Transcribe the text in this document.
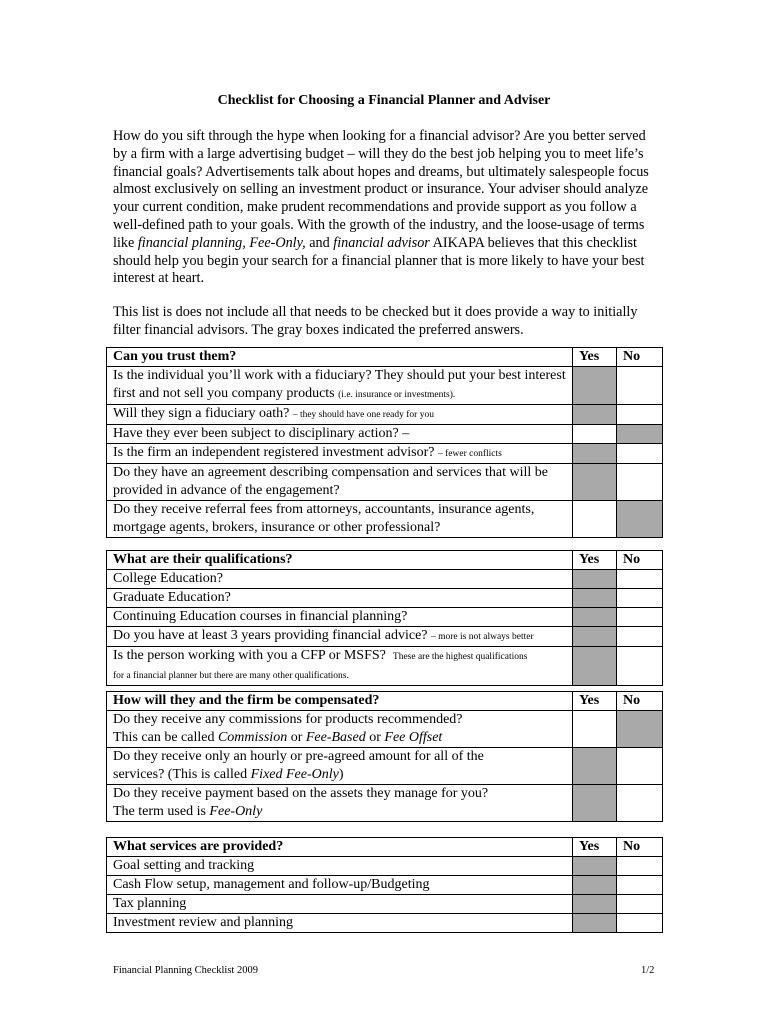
Checklist for Choosing a Financial Planner and Adviser

How do you sift through the hype when looking for a financial advisor? Are you better served by a firm with a large advertising budget – will they do the best job helping you to meet life’s financial goals? Advertisements talk about hopes and dreams, but ultimately salespeople focus almost exclusively on selling an investment product or insurance. Your adviser should analyze your current condition, make prudent recommendations and provide support as you follow a well-defined path to your goals. With the growth of the industry, and the loose-usage of terms like financial planning, Fee-Only, and financial advisor AIKAPA believes that this checklist should help you begin your search for a financial planner that is more likely to have your best interest at heart.

This list is does not include all that needs to be checked but it does provide a way to initially filter financial advisors. The gray boxes indicated the preferred answers.

Can you trust them?	Yes	No
Is the individual you’ll work with a fiduciary? They should put your best interest first and not sell you company products (i.e. insurance or investments).		
Will they sign a fiduciary oath? – they should have one ready for you		
Have they ever been subject to disciplinary action? –		
Is the firm an independent registered investment advisor? – fewer conflicts		
Do they have an agreement describing compensation and services that will be provided in advance of the engagement?		
Do they receive referral fees from attorneys, accountants, insurance agents, mortgage agents, brokers, insurance or other professional?		
What are their qualifications?	Yes	No
College Education?		
Graduate Education?		
Continuing Education courses in financial planning?		
Do you have at least 3 years providing financial advice? – more is not always better		
Is the person working with you a CFP or MSFS? These are the highest qualifications
for a financial planner but there are many other qualifications.		
How will they and the firm be compensated?	Yes	No
Do they receive any commissions for products recommended?
This can be called Commission or Fee-Based or Fee Offset		
Do they receive only an hourly or pre-agreed amount for all of the
services? (This is called Fixed Fee-Only)		
Do they receive payment based on the assets they manage for you?
The term used is Fee-Only		
What services are provided?	Yes	No
Goal setting and tracking		
Cash Flow setup, management and follow-up/Budgeting		
Tax planning		
Investment review and planning		
Financial Planning Checklist 2009	1/2
